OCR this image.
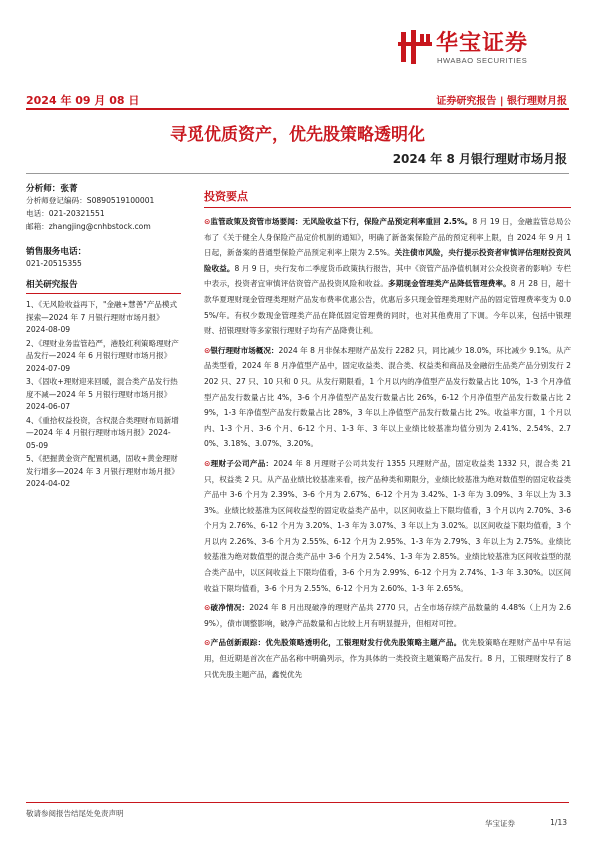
华宝证券
HWABAO SECURITIES
2024 年 09 月 08 日	证券研究报告 | 银行理财月报
寻觅优质资产，优先股策略透明化
2024 年 8 月银行理财市场月报
分析师：张菁
分析师登记编码：S0890519100001
电话：021-20321551
邮箱：zhangjing@cnhbstock.com
销售服务电话：
021-20515355
相关研究报告
1、《无风险收益再下，"金融+慧善"产品模式探索—2024 年 7 月银行理财市场月报》2024-08-09
2、《理财业务监管趋严，港股红利策略理财产品发行—2024 年 6 月银行理财市场月报》2024-07-09
3、《固收+理财迎来回暖，混合类产品发行热度不减—2024 年 5 月银行理财市场月报》2024-06-07
4、《重拾权益投资，含权混合类理财布局新增—2024 年 4 月银行理财市场月报》2024-05-09
5、《把握黄金资产配置机遇，固收+黄金理财发行增多—2024 年 3 月银行理财市场月报》2024-04-02
投资要点

⊙监管政策及资管市场要闻：无风险收益下行，保险产品预定利率重回 2.5%。8 月 19 日，金融监管总局公布了《关于健全人身保险产品定价机制的通知》，明确了新备案保险产品的预定利率上限，自 2024 年 9 月 1 日起，新备案的普通型保险产品预定利率上限为 2.5%。关注债市风险，央行提示投资者审慎评估理财投资风险收益。8 月 9 日，央行发布二季度货币政策执行报告，其中《资管产品净值机制对公众投资者的影响》专栏中表示，投资者宜审慎评估资管产品投资风险和收益。多期现金管理类产品降低管理费率。8 月 28 日，超十款华夏理财现金管理类理财产品发布费率优惠公告，优惠后多只现金管理类理财产品的固定管理费率变为 0.05%/年。有权少数现金管理类产品在降低固定管理费的同时，也对其他费用了下调。今年以来，包括中银理财、招银理财等多家银行理财子均有产品降费让利。

⊙银行理财市场概况：2024 年 8 月非保本理财产品发行 2282 只，同比减少 18.0%，环比减少 9.1%。从产品类型看，2024 年 8 月净值型产品中，固定收益类、混合类、权益类和商品及金融衍生品类产品分别发行 2202 只、27 只、10 只和 0 只。从发行期限看，1 个月以内的净值型产品发行数量占比 10%，1-3 个月净值型产品发行数量占比 4%，3-6 个月净值型产品发行数量占比 26%，6-12 个月净值型产品发行数量占比 29%，1-3 年净值型产品发行数量占比 28%，3 年以上净值型产品发行数量占比 2%。收益率方面，1 个月以内、1-3 个月、3-6 个月、6-12 个月、1-3 年、3 年以上业绩比较基准均值分别为 2.41%、2.54%、2.70%、3.18%、3.07%、3.20%。

⊙理财子公司产品：2024 年 8 月理财子公司共发行 1355 只理财产品，固定收益类 1332 只，混合类 21 只，权益类 2 只。从产品业绩比较基准来看，按产品种类和期限分，业绩比较基准为绝对数值型的固定收益类产品中 3-6 个月为 2.39%、3-6 个月为 2.67%、6-12 个月为 3.42%、1-3 年为 3.09%、3 年以上为 3.33%。业绩比较基准为区间收益型的固定收益类产品中，以区间收益上下限均值看，3 个月以内 2.70%、3-6 个月为 2.76%、6-12 个月为 3.20%、1-3 年为 3.07%、3 年以上为 3.02%。以区间收益下限均值看，3 个月以内 2.26%、3-6 个月为 2.55%、6-12 个月为 2.95%、1-3 年为 2.79%、3 年以上为 2.75%。业绩比较基准为绝对数值型的混合类产品中 3-6 个月为 2.54%、1-3 年为 2.85%。业绩比较基准为区间收益型的混合类产品中，以区间收益上下限均值看，3-6 个月为 2.99%、6-12 个月为 2.74%、1-3 年 3.30%。以区间收益下限均值看，3-6 个月为 2.55%、6-12 个月为 2.60%、1-3 年 2.65%。

⊙破净情况：2024 年 8 月出现破净的理财产品共 2770 只，占全市场存续产品数量的 4.48%（上月为 2.69%），债市调整影响，破净产品数量和占比较上月有明显提升，但相对可控。

⊙产品创新跟踪：优先股策略透明化，工银理财发行优先股策略主题产品。优先股策略在理财产品中早有运用，但近期是首次在产品名称中明确列示，作为具体的一类投资主题策略产品发行。8 月，工银理财发行了 8 只优先股主题产品，鑫悦优先

敬请参阅报告结尾处免责声明
华宝证券	1/13
